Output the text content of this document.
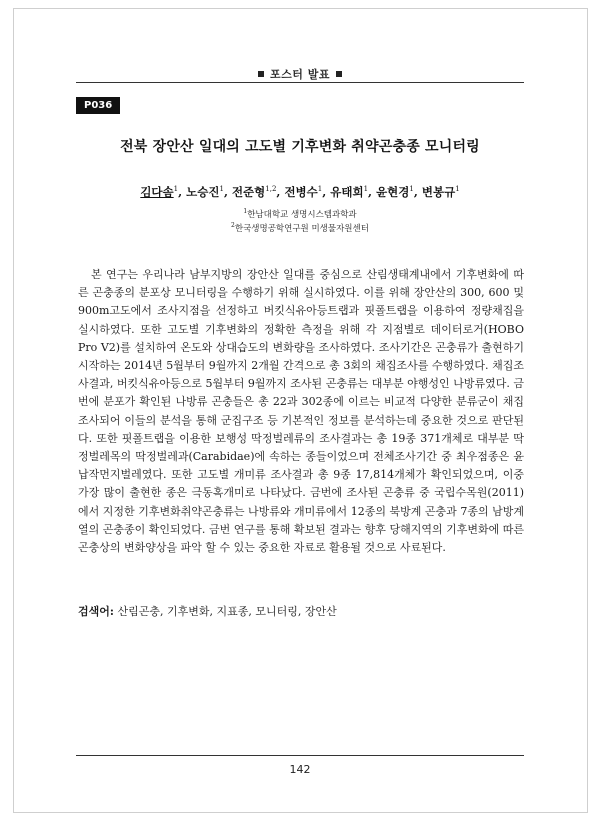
포스터 발표
P036
전북 장안산 일대의 고도별 기후변화 취약곤충종 모니터링
김다솜$^1$, 노승진$^1$, 전준형$^{1,2}$, 전병수$^1$, 유태희$^1$, 윤현경$^1$, 변봉규$^1$
$^1$한남대학교 생명시스템과학과
$^2$한국생명공학연구원 미생물자원센터

본 연구는 우리나라 남부지방의 장안산 일대를 중심으로 산림생태계내에서 기후변화에 따른 곤충종의 분포상 모니터링을 수행하기 위해 실시하였다. 이를 위해 장안산의 300, 600 및 900m고도에서 조사지점을 선정하고 버킷식유아등트랩과 핏폴트랩을 이용하여 정량채집을 실시하였다. 또한 고도별 기후변화의 정확한 측정을 위해 각 지점별로 데이터로거(HOBO Pro V2)를 설치하여 온도와 상대습도의 변화량을 조사하였다. 조사기간은 곤충류가 출현하기 시작하는 2014년 5월부터 9월까지 2개월 간격으로 총 3회의 채집조사를 수행하였다. 채집조사결과, 버킷식유아등으로 5월부터 9월까지 조사된 곤충류는 대부분 야행성인 나방류였다. 금번에 분포가 확인된 나방류 곤충들은 총 22과 302종에 이르는 비교적 다양한 분류군이 채집조사되어 이들의 분석을 통해 군집구조 등 기본적인 정보를 분석하는데 중요한 것으로 판단된다. 또한 핏폴트랩을 이용한 보행성 딱정벌레류의 조사결과는 총 19종 371개체로 대부분 딱정벌레목의 딱정벌레과(Carabidae)에 속하는 종들이었으며 전체조사기간 중 최우점종은 윤납작먼지벌레였다. 또한 고도별 개미류 조사결과 총 9종 17,814개체가 확인되었으며, 이중 가장 많이 출현한 종은 극동혹개미로 나타났다. 금번에 조사된 곤충류 중 국립수목원(2011)에서 지정한 기후변화취약곤충류는 나방류와 개미류에서 12종의 북방계 곤충과 7종의 남방계열의 곤충종이 확인되었다. 금번 연구를 통해 확보된 결과는 향후 당해지역의 기후변화에 따른 곤충상의 변화양상을 파악 할 수 있는 중요한 자료로 활용될 것으로 사료된다.

검색어: 산림곤충, 기후변화, 지표종, 모니터링, 장안산
142
